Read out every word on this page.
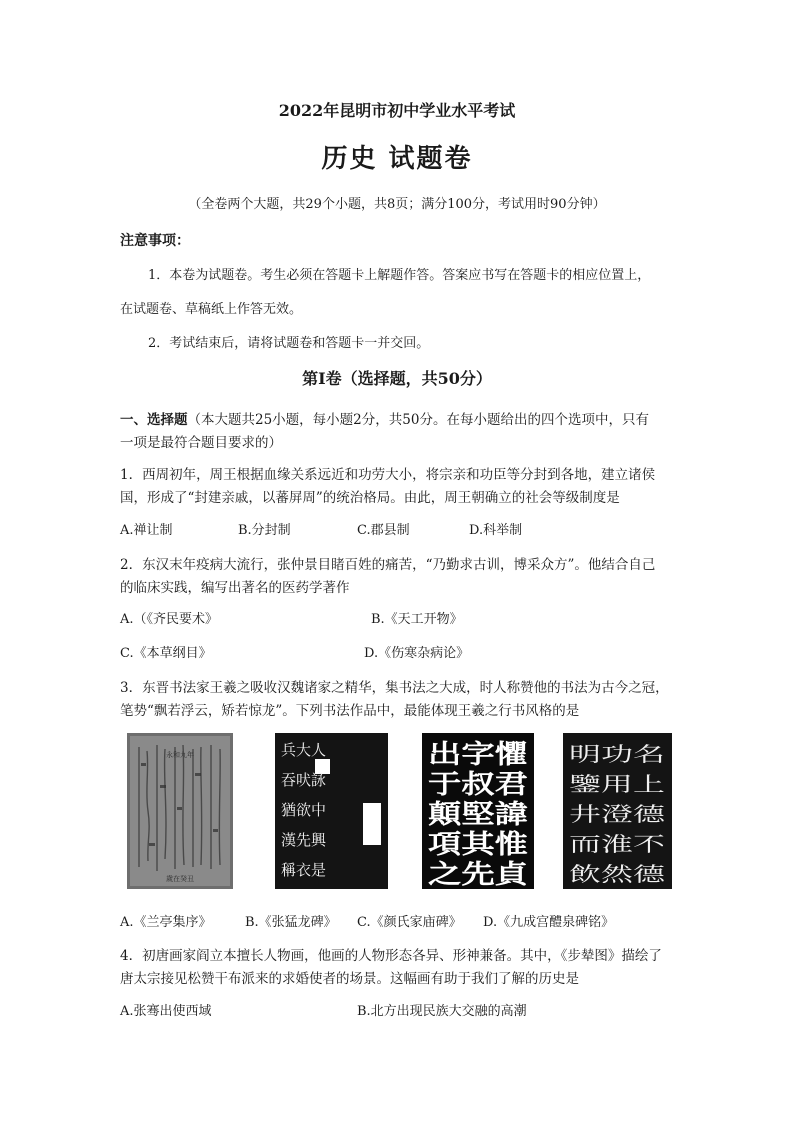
2022年昆明市初中学业水平考试
历史 试题卷
（全卷两个大题，共29个小题，共8页；满分100分，考试用时90分钟）
注意事项：
1．本卷为试题卷。考生必须在答题卡上解题作答。答案应书写在答题卡的相应位置上，
在试题卷、草稿纸上作答无效。
2．考试结束后，请将试题卷和答题卡一并交回。
第Ⅰ卷（选择题，共50分）
一、选择题（本大题共25小题，每小题2分，共50分。在每小题给出的四个选项中，只有
一项是最符合题目要求的）
1．西周初年，周王根据血缘关系远近和功劳大小，将宗亲和功臣等分封到各地，建立诸侯
国，形成了“封建亲戚，以蕃屏周”的统治格局。由此，周王朝确立的社会等级制度是
A.禅让制	B.分封制	C.郡县制	D.科举制
2．东汉末年疫病大流行，张仲景目睹百姓的痛苦，“乃勤求古训，博采众方”。他结合自己
的临床实践，编写出著名的医药学著作
A.（《齐民要术》	B.《天工开物》
C.《本草纲目》	D.《伤寒杂病论》
3．东晋书法家王羲之吸收汉魏诸家之精华，集书法之大成，时人称赞他的书法为古今之冠，
笔势“飘若浮云，矫若惊龙”。下列书法作品中，最能体现王羲之行书风格的是
永和九年
歲在癸丑
兵大人
吞吠詠
猶欲中
漢先興
稱衣是
出字懼
于叔君
顛堅諱
項其惟
之先貞
明功名
鑒用上
井澄德
而淮不
飲然德
A.《兰亭集序》	B.《张猛龙碑》 C.《颜氏家庙碑》 D.《九成宫醴泉碑铭》
4．初唐画家阎立本擅长人物画，他画的人物形态各异、形神兼备。其中，《步辇图》描绘了
唐太宗接见松赞干布派来的求婚使者的场景。这幅画有助于我们了解的历史是
A.张骞出使西域	B.北方出现民族大交融的高潮
